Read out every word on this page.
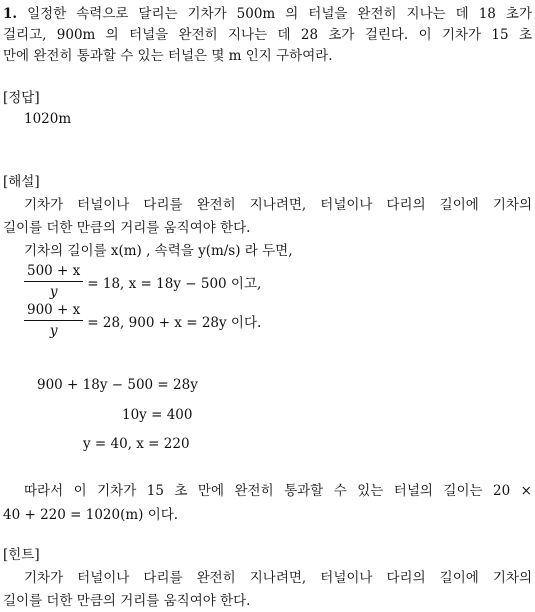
1. 일정한 속력으로 달리는 기차가 500m 의 터널을 완전히 지나는 데 18 초가
걸리고, 900m 의 터널을 완전히 지나는 데 28 초가 걸린다. 이 기차가 15 초
만에 완전히 통과할 수 있는 터널은 몇 m 인지 구하여라.
[정답]
1020m
[해설]
기차가 터널이나 다리를 완전히 지나려면, 터널이나 다리의 길이에 기차의
길이를 더한 만큼의 거리를 움직여야 한다.
기차의 길이를 x(m) , 속력을 y(m/s) 라 두면,
$\frac{500 + x}{y} = 18$, x = 18y − 500 이고,
$\frac{900 + x}{y} = 28$, 900 + x = 28y 이다.
900 + 18y − 500 = 28y
10y = 400
y = 40, x = 220
따라서 이 기차가 15 초 만에 완전히 통과할 수 있는 터널의 길이는 20 ×
40 + 220 = 1020(m) 이다.
[힌트]
기차가 터널이나 다리를 완전히 지나려면, 터널이나 다리의 길이에 기차의
길이를 더한 만큼의 거리를 움직여야 한다.
